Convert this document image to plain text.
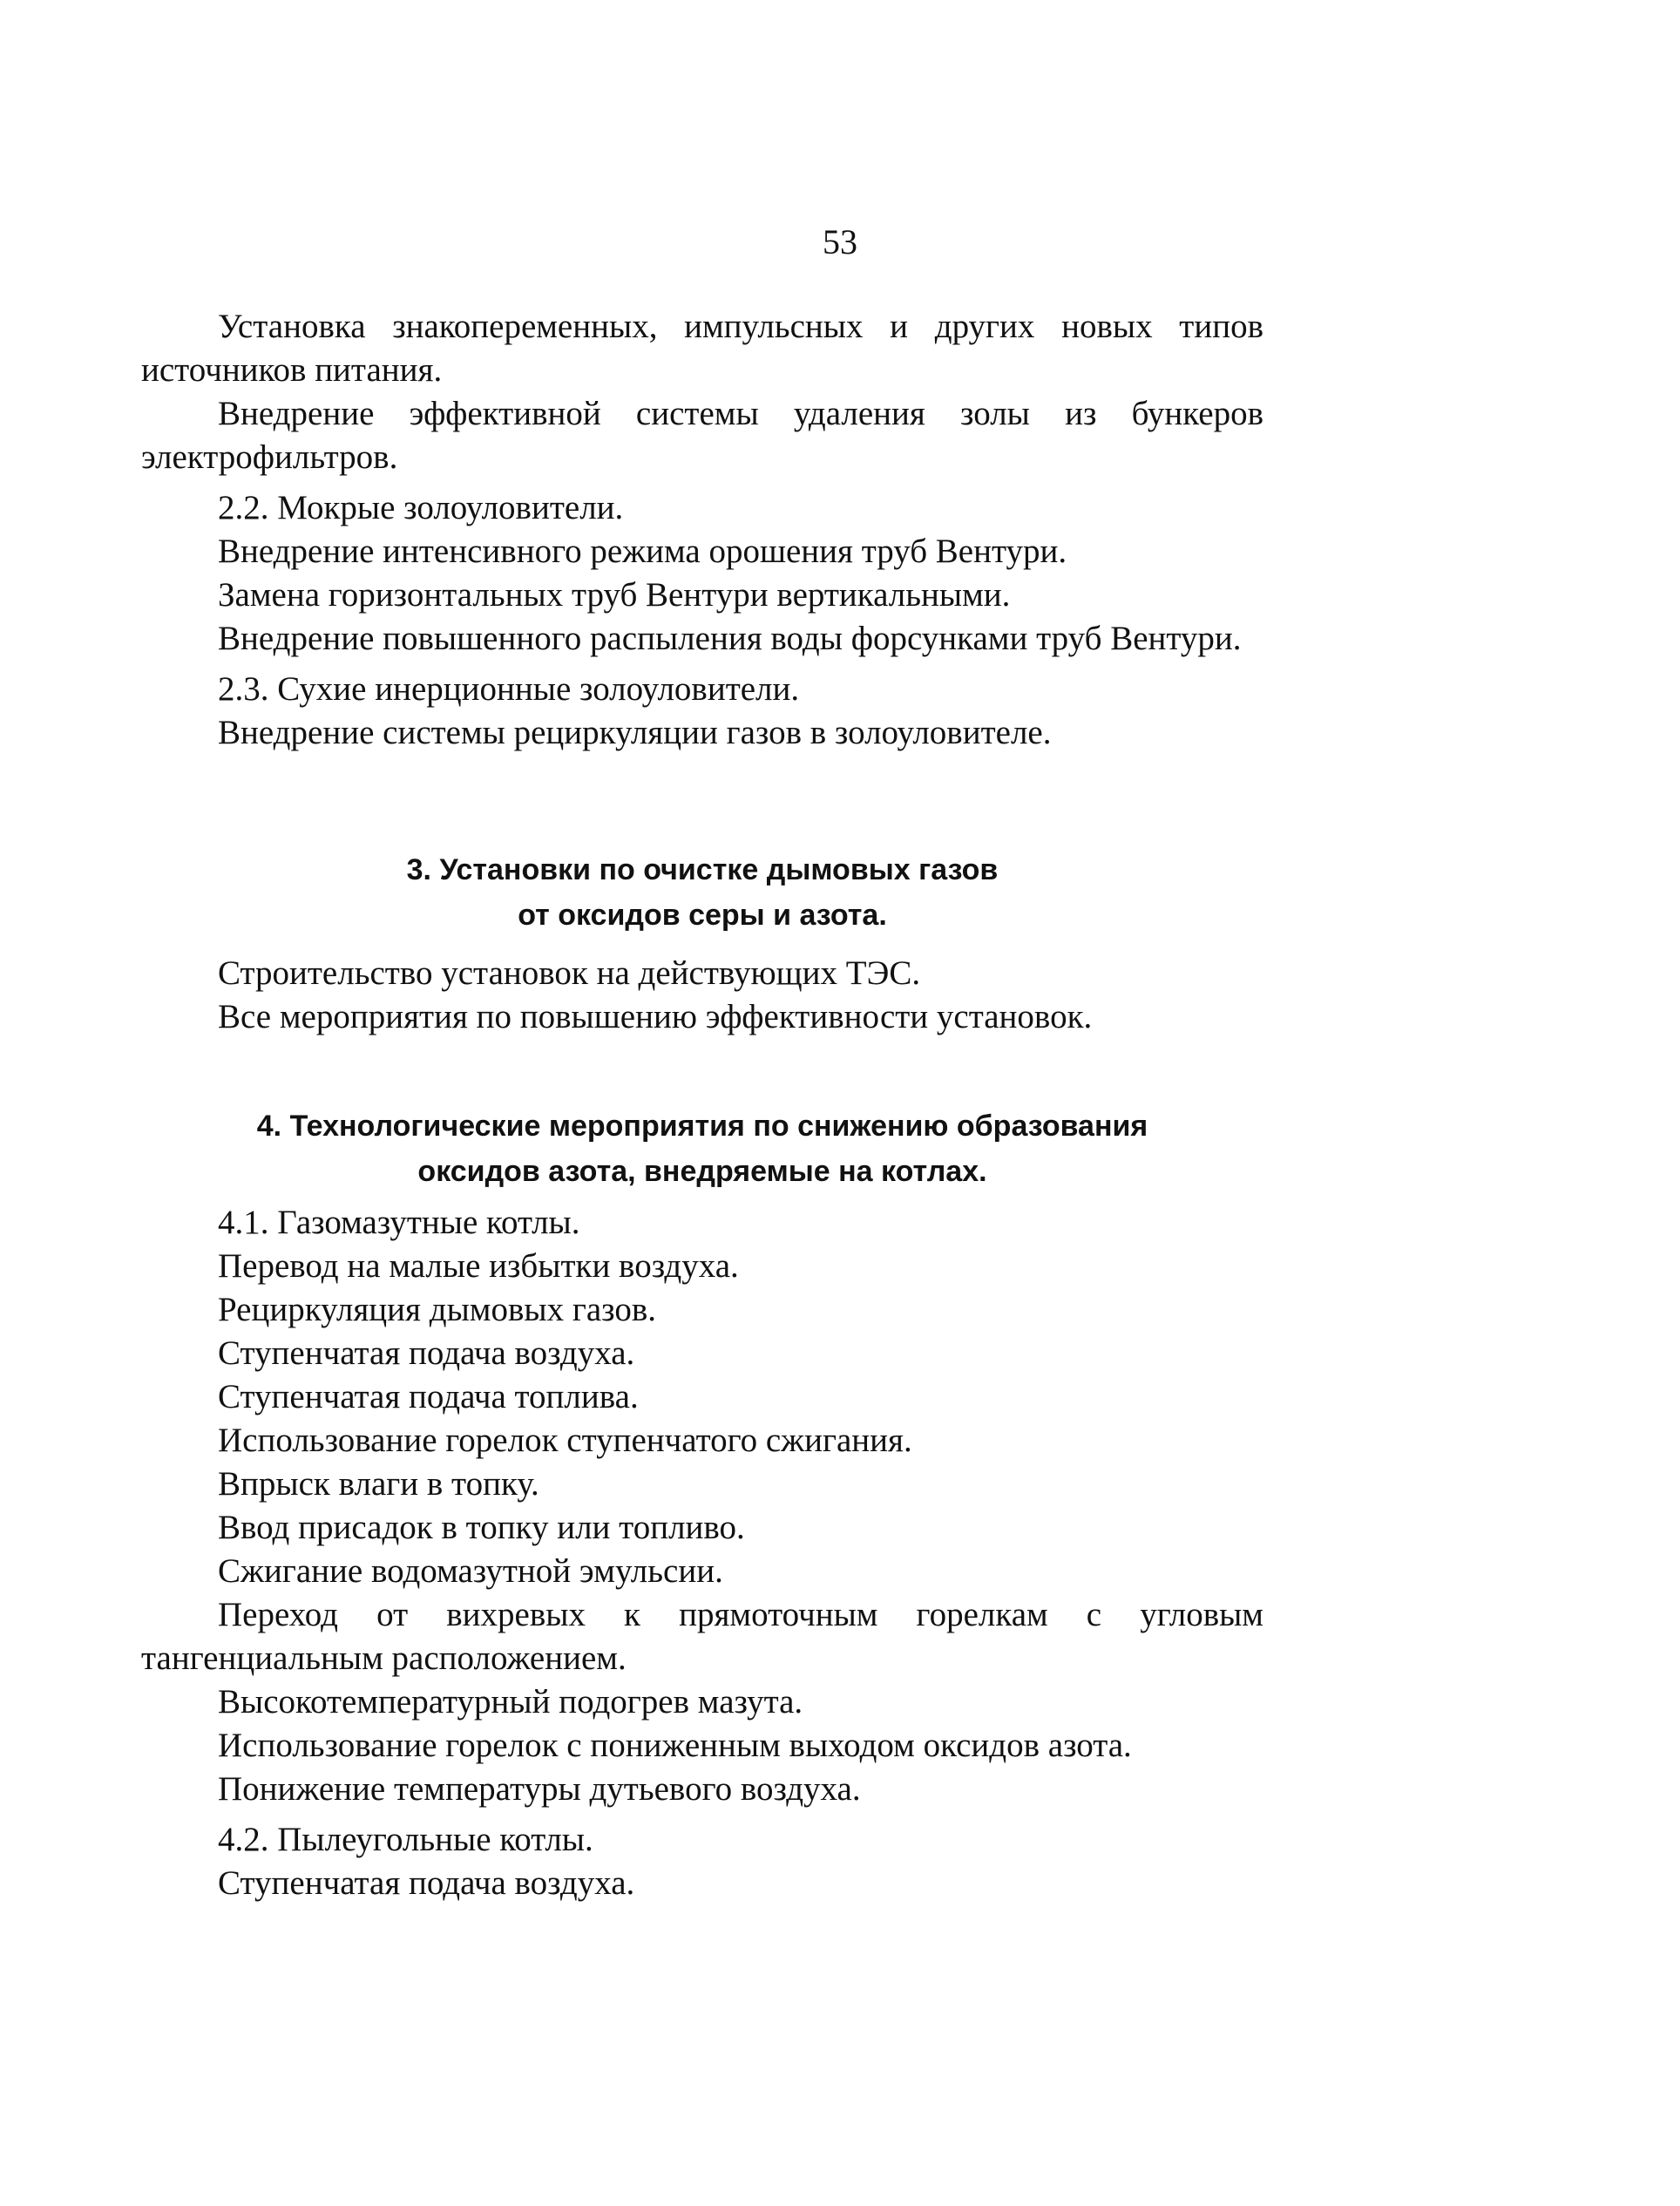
53

Установка знакопеременных, импульсных и других новых типов источников питания.

Внедрение эффективной системы удаления золы из бункеров электрофильтров.

2.2. Мокрые золоуловители.

Внедрение интенсивного режима орошения труб Вентури.

Замена горизонтальных труб Вентури вертикальными.

Внедрение повышенного распыления воды форсунками труб Вентури.

2.3. Сухие инерционные золоуловители.

Внедрение системы рециркуляции газов в золоуловителе.

3. Установки по очистке дымовых газов
от оксидов серы и азота.

Строительство установок на действующих ТЭС.

Все мероприятия по повышению эффективности установок.

4. Технологические мероприятия по снижению образования
оксидов азота, внедряемые на котлах.

4.1. Газомазутные котлы.

Перевод на малые избытки воздуха.

Рециркуляция дымовых газов.

Ступенчатая подача воздуха.

Ступенчатая подача топлива.

Использование горелок ступенчатого сжигания.

Впрыск влаги в топку.

Ввод присадок в топку или топливо.

Сжигание водомазутной эмульсии.

Переход от вихревых к прямоточным горелкам с угловым тангенциальным расположением.

Высокотемпературный подогрев мазута.

Использование горелок с пониженным выходом оксидов азота.

Понижение температуры дутьевого воздуха.

4.2. Пылеугольные котлы.

Ступенчатая подача воздуха.
